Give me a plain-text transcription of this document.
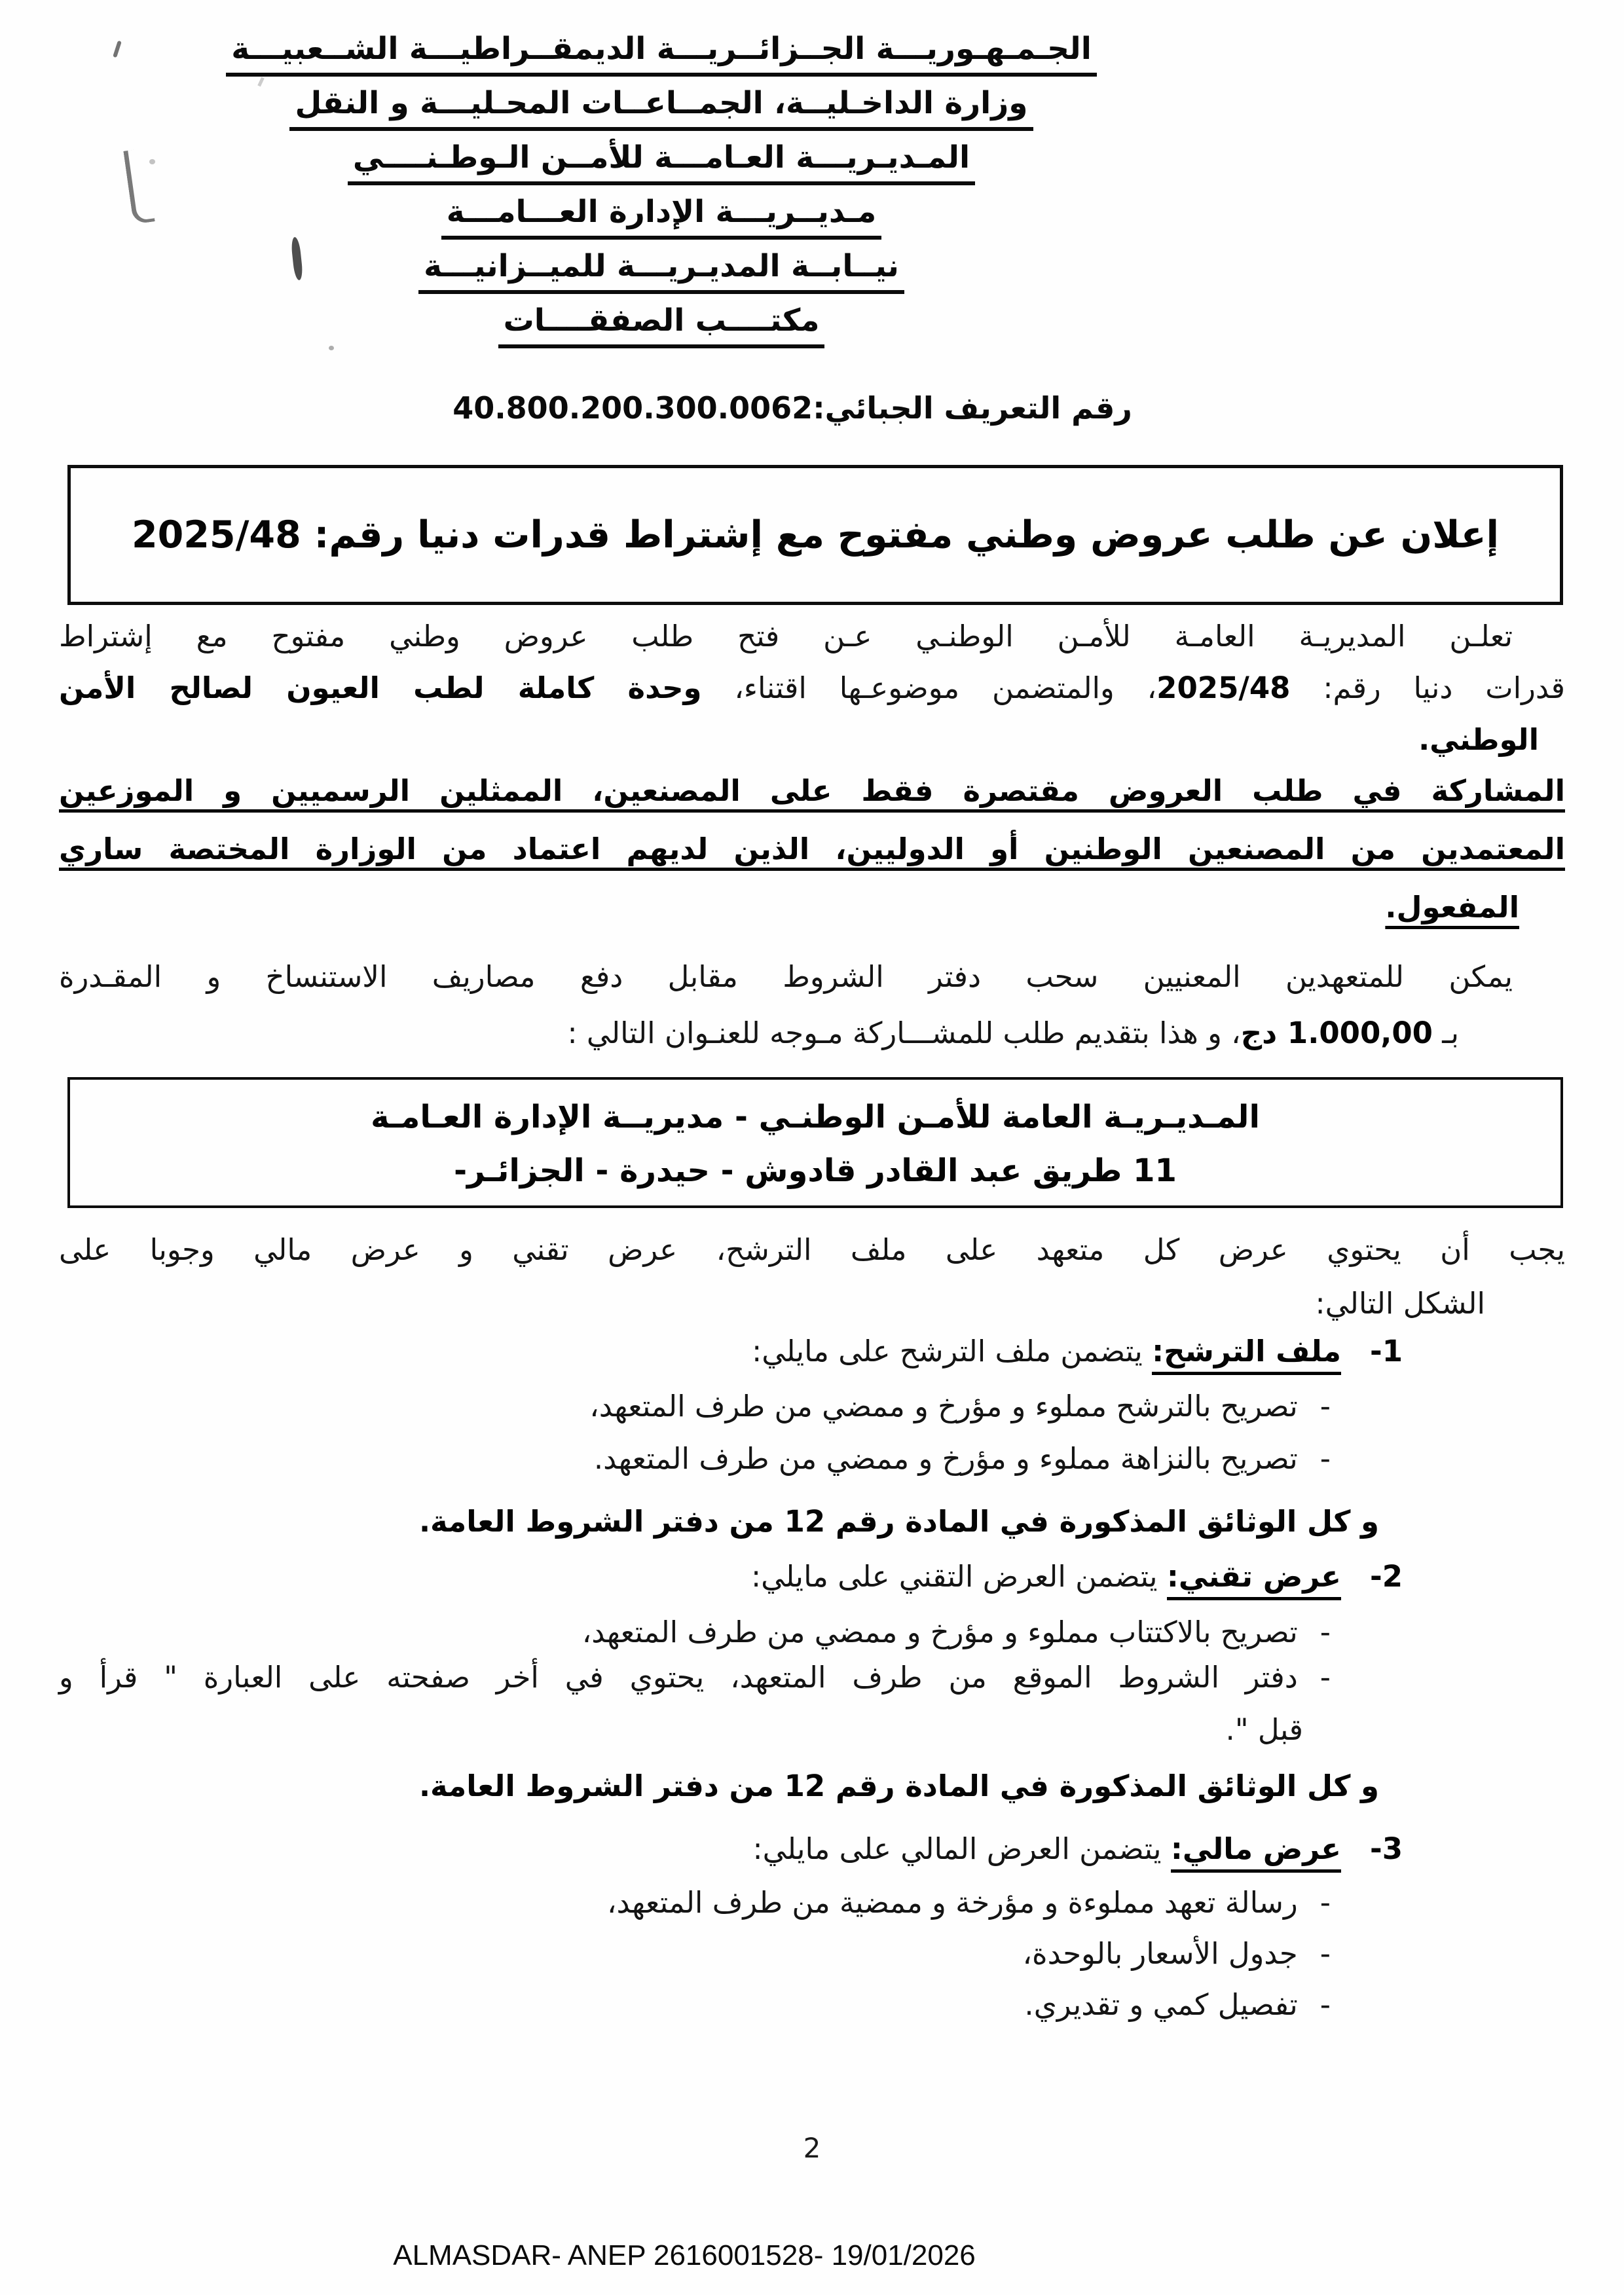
الجـمـهـوريـــة الجــزائــريـــة الديمقــراطيـــة الشــعبيـــة
وزارة الداخـليــة، الجمــاعــات المحـليـــة و النقل
المـديـريـــة العـامـــة للأمــن الـوطـنــــي
مـديــريـــة الإدارة العـــامـــة
نيــابــة المديـريـــة للميــزانيـــة
مكتــــب الصفقــــات
رقم التعريف الجبائي:40.800.200.300.0062
إعلان عن طلب عروض وطني مفتوح مع إشتراط قدرات دنيا رقم: 2025/48
تعلـن المديريـة العامـة للأمـن الوطنـي عـن فتح طلب عروض وطني مفتوح مع إشتراط
قدرات دنيا رقم: 2025/48، والمتضمن موضوعـها اقتناء، وحدة كاملة لطب العيون لصالح الأمن
الوطني.
المشاركة في طلب العروض مقتصرة فقط على المصنعين، الممثلين الرسميين و الموزعين
المعتمدين من المصنعين الوطنين أو الدوليين، الذين لديهم اعتماد من الوزارة المختصة ساري
المفعول.
يمكن للمتعهدين المعنيين سحب دفتر الشروط مقابل دفع مصاريف الاستنساخ و المقـدرة
بـ 1.000,00 دج، و هذا بتقديم طلب للمشـــاركة مـوجه للعنـوان التالي :
المـديـريـة العامة للأمـن الوطنـي - مديريــة الإدارة العـامـة
11 طريق عبد القادر قادوش - حيدرة - الجزائـر-
يجب أن يحتوي عرض كل متعهد على ملف الترشح، عرض تقني و عرض مالي وجوبا على
الشكل التالي:
1-ملف الترشح: يتضمن ملف الترشح على مايلي:
-تصريح بالترشح مملوء و مؤرخ و ممضي من طرف المتعهد،
-تصريح بالنزاهة مملوء و مؤرخ و ممضي من طرف المتعهد.
و كل الوثائق المذكورة في المادة رقم 12 من دفتر الشروط العامة.
2-عرض تقني: يتضمن العرض التقني على مايلي:
-تصريح بالاكتتاب مملوء و مؤرخ و ممضي من طرف المتعهد،
-دفتر الشروط الموقع من طرف المتعهد، يحتوي في أخر صفحته على العبارة " قرأ و
قبل ".
و كل الوثائق المذكورة في المادة رقم 12 من دفتر الشروط العامة.
3-عرض مالي: يتضمن العرض المالي على مايلي:
-رسالة تعهد مملوءة و مؤرخة و ممضية من طرف المتعهد،
-جدول الأسعار بالوحدة،
-تفصيل كمي و تقديري.
2
ALMASDAR- ANEP 2616001528- 19/01/2026
